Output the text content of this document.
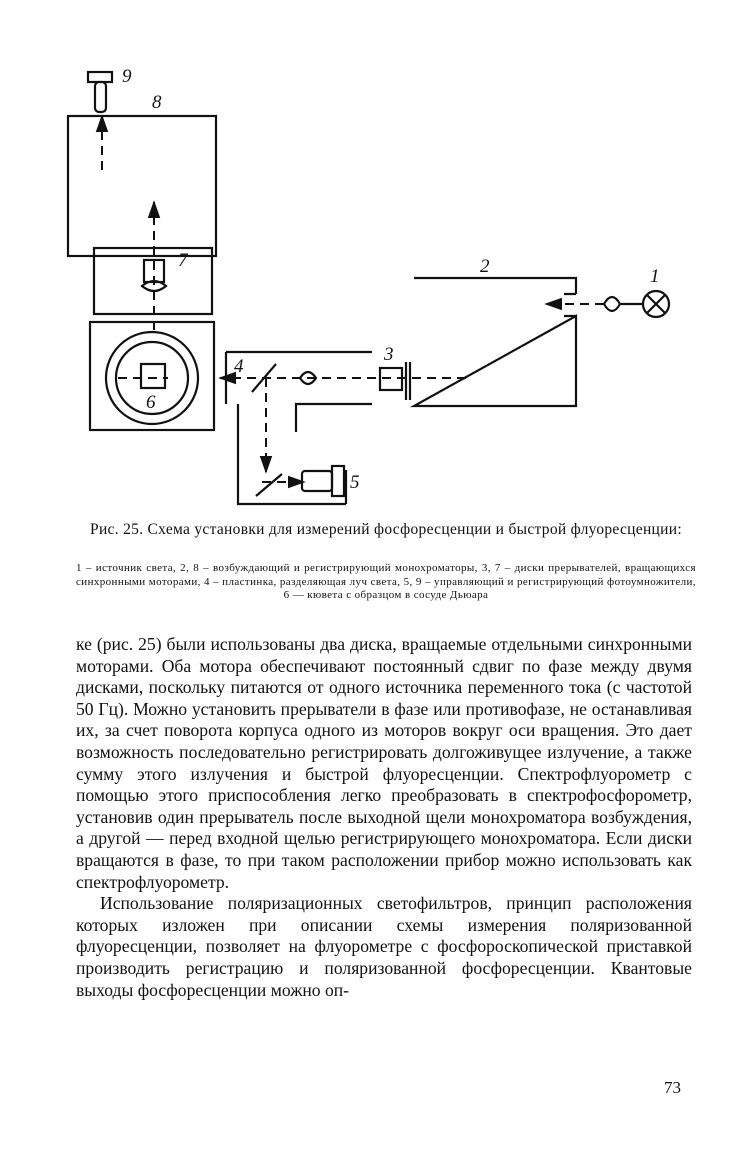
1
2
3
4
5
6
7
8
9
Рис. 25. Схема установки для измерений фосфоресценции и быстрой флуоресценции:
1 – источник света, 2, 8 – возбуждающий и регистрирующий монохроматоры, 3, 7 – диски прерывателей, вращающихся синхронными моторами, 4 – пластинка, разделяющая луч света, 5, 9 – управляющий и регистрирующий фотоумножители, 6 — кювета с образцом в сосуде Дьюара

ке (рис. 25) были использованы два диска, вращаемые отдельными синхронными моторами. Оба мотора обеспечивают постоянный сдвиг по фазе между двумя дисками, поскольку питаются от одного источника переменного тока (с частотой 50 Гц). Можно установить прерыватели в фазе или противофазе, не останавливая их, за счет поворота корпуса одного из моторов вокруг оси вращения. Это дает возможность последовательно регистрировать долгоживущее излучение, а также сумму этого излучения и быстрой флуоресценции. Спектрофлуорометр с помощью этого приспособления легко преобразовать в спектрофосфорометр, установив один прерыватель после выходной щели монохроматора возбуждения, а другой — перед входной щелью регистрирующего монохроматора. Если диски вращаются в фазе, то при таком расположении прибор можно использовать как спектрофлуорометр.

Использование поляризационных светофильтров, принцип расположения которых изложен при описании схемы измерения поляризованной флуоресценции, позволяет на флуорометре с фосфороскопической приставкой производить регистрацию и поляризованной фосфоресценции. Квантовые выходы фосфоресценции можно оп-

73
